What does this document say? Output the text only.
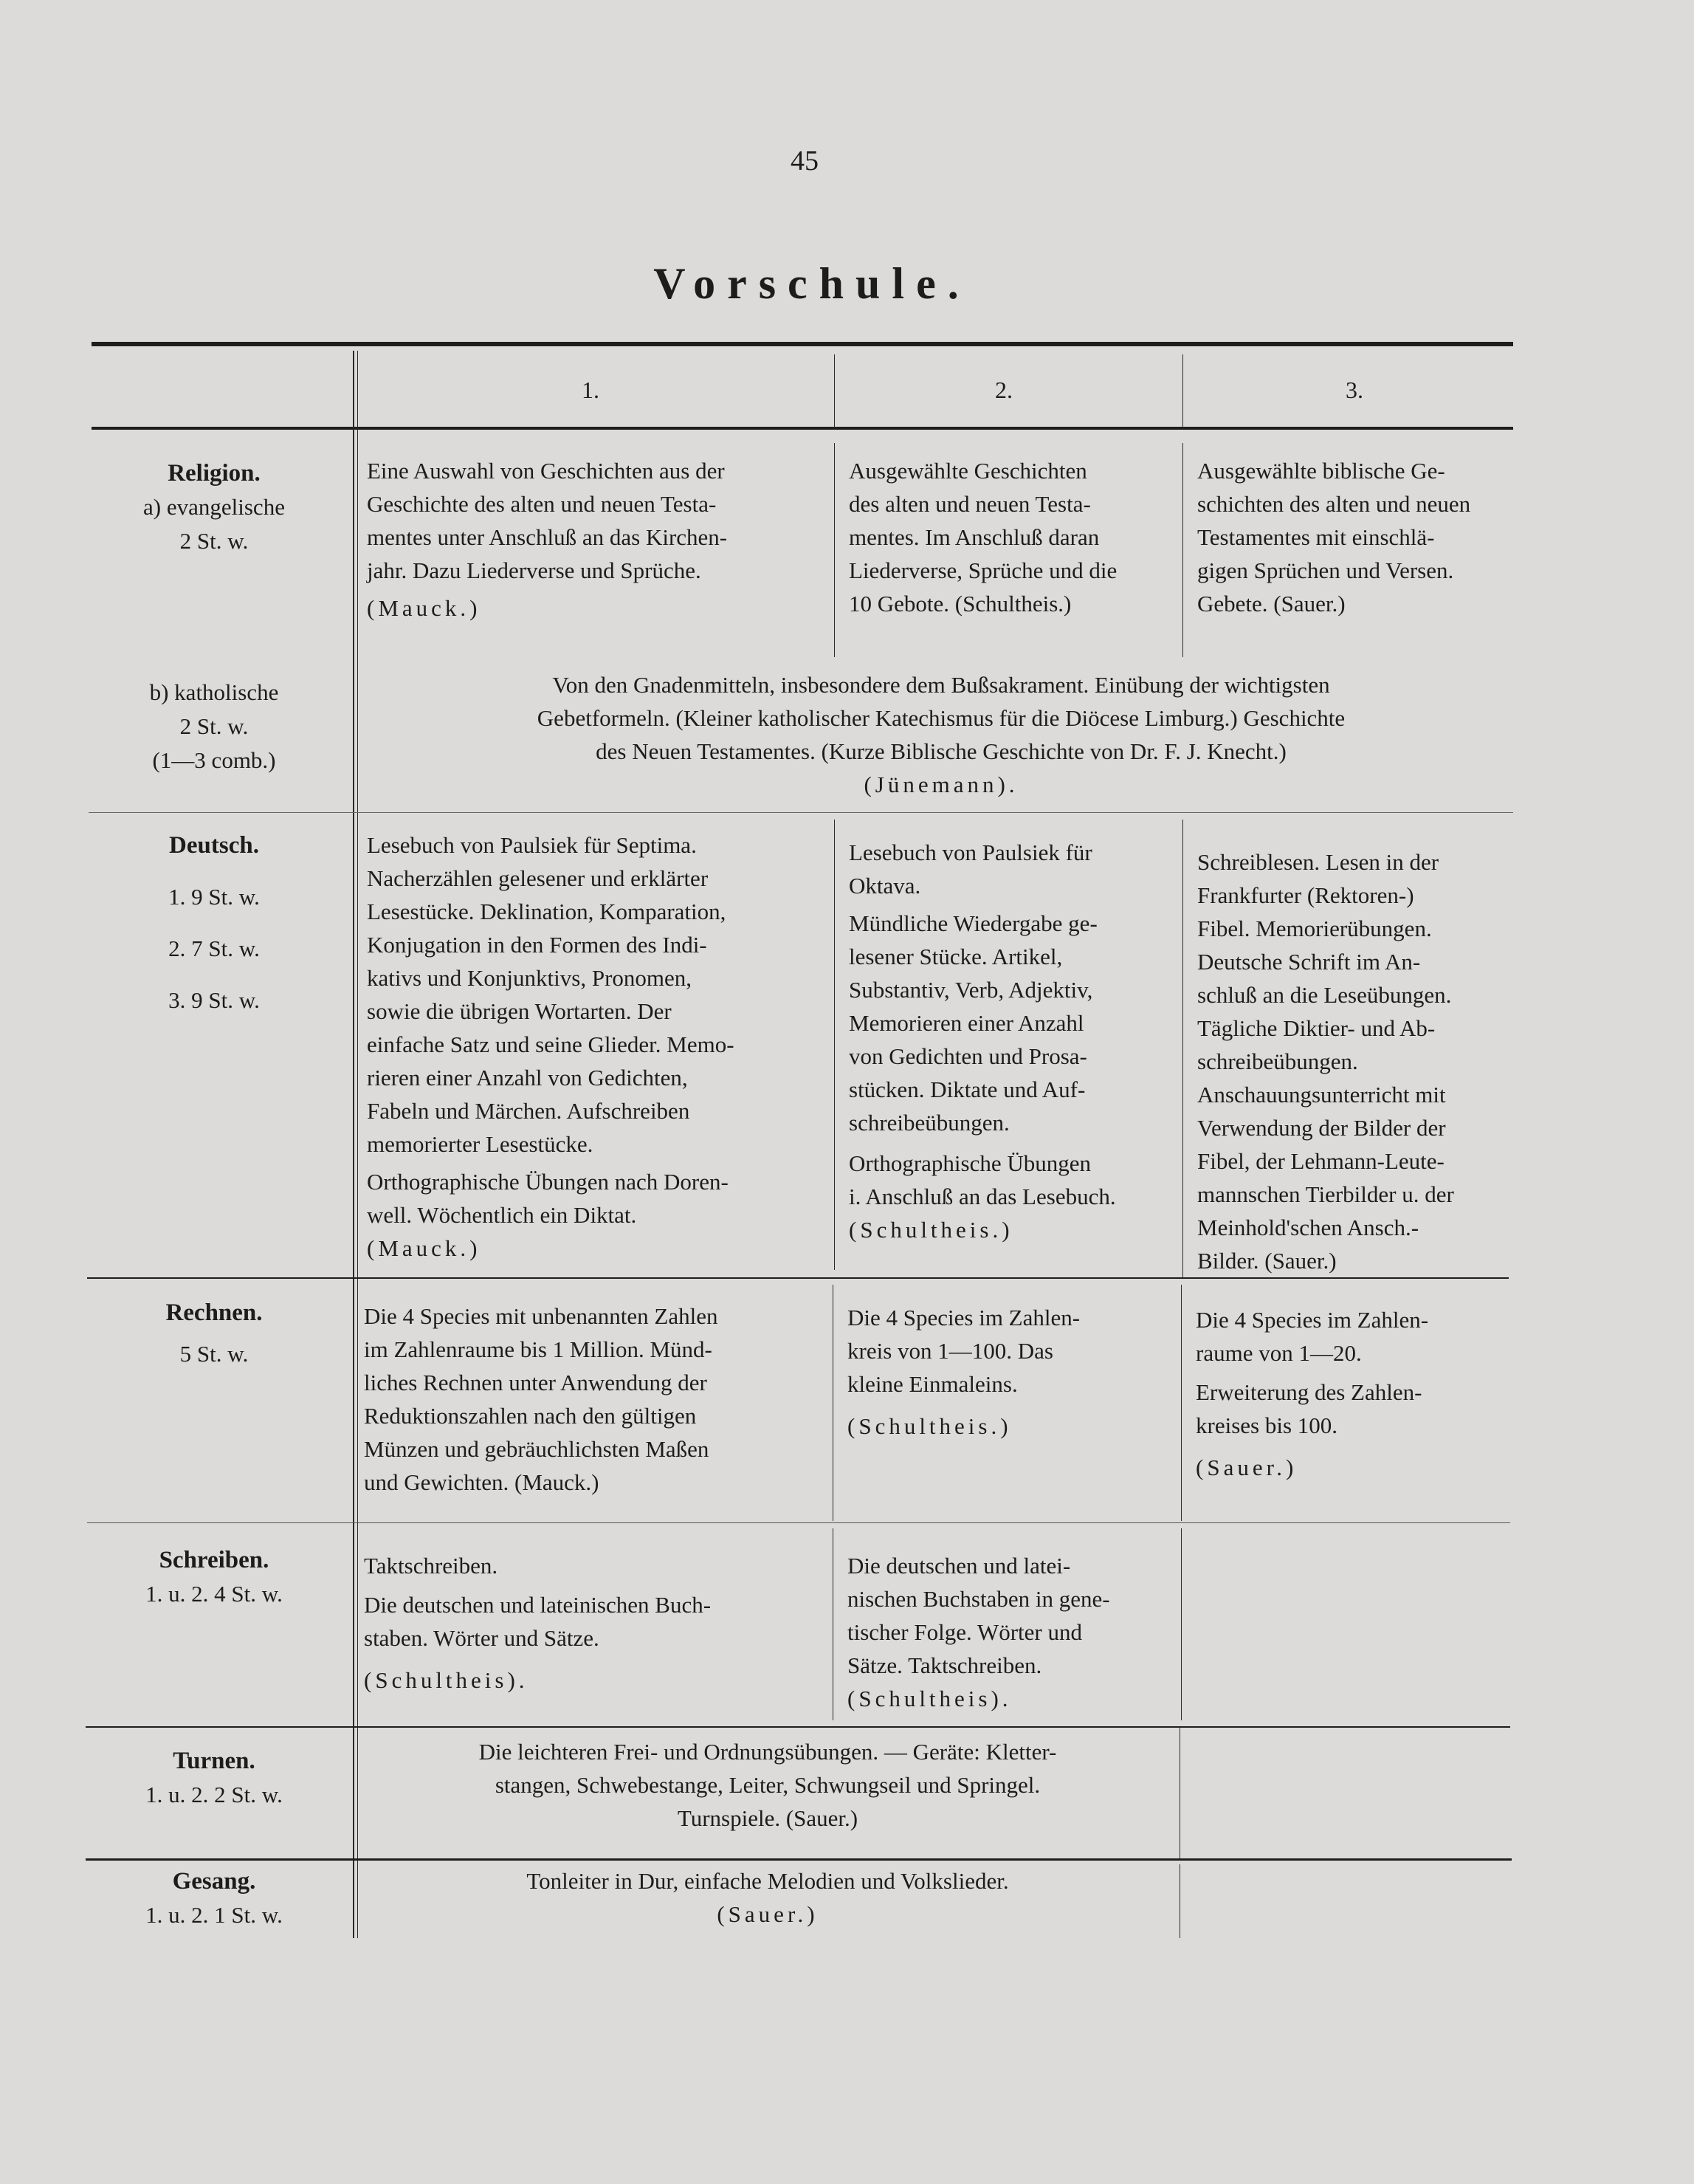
45
Vorschule.
1.	2.	3.
Religion.
a) evangelische
2 St. w.
Eine Auswahl von Geschichten aus der
Geschichte des alten und neuen Testa-
mentes unter Anschluß an das Kirchen-
jahr. Dazu Liederverse und Sprüche.
(Mauck.)
Ausgewählte Geschichten
des alten und neuen Testa-
mentes. Im Anschluß daran
Liederverse, Sprüche und die
10 Gebote. (Schultheis.)
Ausgewählte biblische Ge-
schichten des alten und neuen
Testamentes mit einschlä-
gigen Sprüchen und Versen.
Gebete. (Sauer.)
b) katholische
2 St. w.
(1—3 comb.)
Von den Gnadenmitteln, insbesondere dem Bußsakrament. Einübung der wichtigsten
Gebetformeln. (Kleiner katholischer Katechismus für die Diöcese Limburg.) Geschichte
des Neuen Testamentes. (Kurze Biblische Geschichte von Dr. F. J. Knecht.)
(Jünemann).
Deutsch.
1. 9 St. w.
2. 7 St. w.
3. 9 St. w.
Lesebuch von Paulsiek für Septima.
Nacherzählen gelesener und erklärter
Lesestücke. Deklination, Komparation,
Konjugation in den Formen des Indi-
kativs und Konjunktivs, Pronomen,
sowie die übrigen Wortarten. Der
einfache Satz und seine Glieder. Memo-
rieren einer Anzahl von Gedichten,
Fabeln und Märchen. Aufschreiben
memorierter Lesestücke.
Orthographische Übungen nach Doren-
well. Wöchentlich ein Diktat.
(Mauck.)
Lesebuch von Paulsiek für
Oktava.
Mündliche Wiedergabe ge-
lesener Stücke. Artikel,
Substantiv, Verb, Adjektiv,
Memorieren einer Anzahl
von Gedichten und Prosa-
stücken. Diktate und Auf-
schreibeübungen.
Orthographische Übungen
i. Anschluß an das Lesebuch.
(Schultheis.)
Schreiblesen. Lesen in der
Frankfurter (Rektoren-)
Fibel. Memorierübungen.
Deutsche Schrift im An-
schluß an die Leseübungen.
Tägliche Diktier- und Ab-
schreibeübungen.
Anschauungsunterricht mit
Verwendung der Bilder der
Fibel, der Lehmann-Leute-
mannschen Tierbilder u. der
Meinhold'schen Ansch.-
Bilder. (Sauer.)
Rechnen.
5 St. w.
Die 4 Species mit unbenannten Zahlen
im Zahlenraume bis 1 Million. Münd-
liches Rechnen unter Anwendung der
Reduktionszahlen nach den gültigen
Münzen und gebräuchlichsten Maßen
und Gewichten. (Mauck.)
Die 4 Species im Zahlen-
kreis von 1—100. Das
kleine Einmaleins.
(Schultheis.)
Die 4 Species im Zahlen-
raume von 1—20.
Erweiterung des Zahlen-
kreises bis 100.
(Sauer.)
Schreiben.
1. u. 2. 4 St. w.
Taktschreiben.
Die deutschen und lateinischen Buch-
staben. Wörter und Sätze.
(Schultheis).
Die deutschen und latei-
nischen Buchstaben in gene-
tischer Folge. Wörter und
Sätze. Taktschreiben.
(Schultheis).
Turnen.
1. u. 2. 2 St. w.
Die leichteren Frei- und Ordnungsübungen. — Geräte: Kletter-
stangen, Schwebestange, Leiter, Schwungseil und Springel.
Turnspiele. (Sauer.)
Gesang.
1. u. 2. 1 St. w.
Tonleiter in Dur, einfache Melodien und Volkslieder.
(Sauer.)
